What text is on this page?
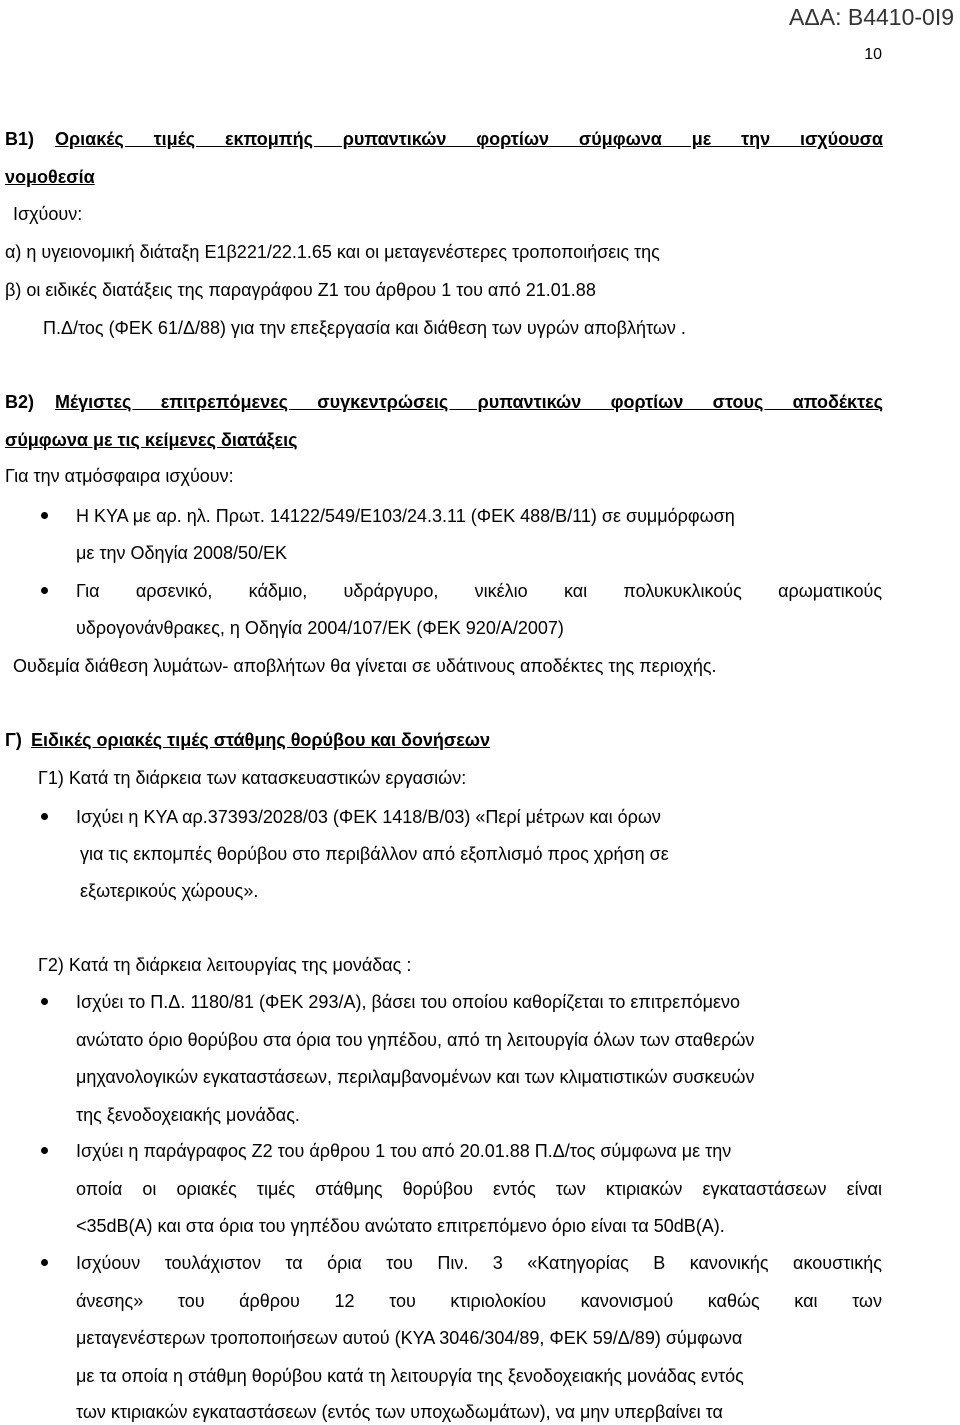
ΑΔΑ: Β4410-0Ι9
10
Β1) Οριακές τιμές εκπομπής ρυπαντικών φορτίων σύμφωνα με την ισχύουσα
νομοθεσία
Ισχύουν:
α) η υγειονομική διάταξη Ε1β221/22.1.65 και οι μεταγενέστερες τροποποιήσεις της
β) οι ειδικές διατάξεις της παραγράφου Ζ1 του άρθρου 1 του από 21.01.88
Π.Δ/τος (ΦΕΚ 61/Δ/88) για την επεξεργασία και διάθεση των υγρών αποβλήτων .
Β2) Μέγιστες επιτρεπόμενες συγκεντρώσεις ρυπαντικών φορτίων στους αποδέκτες
σύμφωνα με τις κείμενες διατάξεις
Για την ατμόσφαιρα ισχύουν:
Η ΚΥΑ με αρ. ηλ. Πρωτ. 14122/549/Ε103/24.3.11 (ΦΕΚ 488/Β/11) σε συμμόρφωση
με την Οδηγία 2008/50/ΕΚ
Για αρσενικό, κάδμιο, υδράργυρο, νικέλιο και πολυκυκλικούς αρωματικούς
υδρογονάνθρακες, η Οδηγία 2004/107/ΕΚ (ΦΕΚ 920/Α/2007)
Ουδεμία διάθεση λυμάτων- αποβλήτων θα γίνεται σε υδάτινους αποδέκτες της περιοχής.
Γ) Ειδικές οριακές τιμές στάθμης θορύβου και δονήσεων
Γ1) Κατά τη διάρκεια των κατασκευαστικών εργασιών:
Ισχύει η ΚΥΑ αρ.37393/2028/03 (ΦΕΚ 1418/Β/03) «Περί μέτρων και όρων
για τις εκπομπές θορύβου στο περιβάλλον από εξοπλισμό προς χρήση σε
εξωτερικούς χώρους».
Γ2) Κατά τη διάρκεια λειτουργίας της μονάδας :
Ισχύει το Π.Δ. 1180/81 (ΦΕΚ 293/Α), βάσει του οποίου καθορίζεται το επιτρεπόμενο
ανώτατο όριο θορύβου στα όρια του γηπέδου, από τη λειτουργία όλων των σταθερών
μηχανολογικών εγκαταστάσεων, περιλαμβανομένων και των κλιματιστικών συσκευών
της ξενοδοχειακής μονάδας.
Ισχύει η παράγραφος Ζ2 του άρθρου 1 του από 20.01.88 Π.Δ/τος σύμφωνα με την
οποία οι οριακές τιμές στάθμης θορύβου εντός των κτιριακών εγκαταστάσεων είναι
<35dB(A) και στα όρια του γηπέδου ανώτατο επιτρεπόμενο όριο είναι τα 50dB(A).
Ισχύουν τουλάχιστον τα όρια του Πιν. 3 «Κατηγορίας Β κανονικής ακουστικής
άνεσης» του άρθρου 12 του κτιριολοκίου κανονισμού καθώς και των
μεταγενέστερων τροποποιήσεων αυτού (ΚΥΑ 3046/304/89, ΦΕΚ 59/Δ/89) σύμφωνα
με τα οποία η στάθμη θορύβου κατά τη λειτουργία της ξενοδοχειακής μονάδας εντός
των κτιριακών εγκαταστάσεων (εντός των υποχωδωμάτων), να μην υπερβαίνει τα
